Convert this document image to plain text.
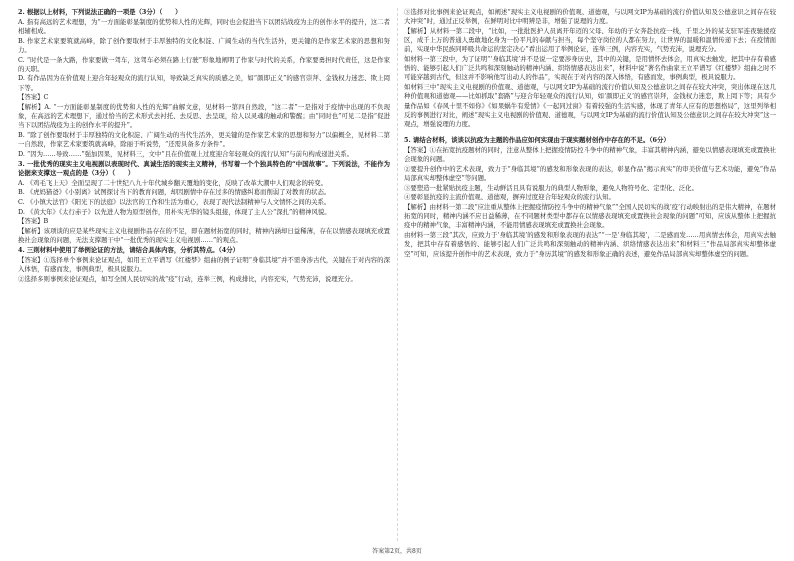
2. 根据以上材料，下列说法正确的一项是（3分）（　　）

A. 指有高远的艺术理想，为“一方面能彰显制度的优势和人性的光辉，同时也会促进当下以团结战疫为主的创作水平的提升，这二者相辅相成。

B. 作家艺术家要筑就高峰，除了创作要取材于丰厚独特的文化积淀、广阔生动的当代生活外，更关键的是作家艺术家的思想和努力。

C. “时代是一条大路，作家要做一驾车，这驾车必须在路上行驶”形象地阐明了作家与时代的关系，作家要勇担时代责任，这是作家的天职。

D. 有作品因为在价值观上迎合年轻观众的流行认知，导致缺乏真实的质感之美，如“颜即正义”的感官崇拜、金钱权力迷恋、欺上罔下等。

【答案】C

【解析】A. “一方面能彰显制度的优势和人性的光辉”曲解文意，见材料一第四自然段，“这二者”一是指对于疫情中出现的不负现象，在高远的艺术理想下，通过恰当的艺术形式去衬托、去反思、去呈现，给人以灵魂的触动和警醒；由“同时也”可见二是指“促进当下以团结战疫为主的创作水平的提升”。

B. “除了创作要取材于丰厚独特的文化积淀、广阔生动的当代生活外，更关键的是作家艺术家的思想和努力”以偏概全，见材料二第一自然段，作家艺术家要筑就高峰，除丽于听说势，“还需具备多方条件”。

D. “因为……导致……”强加因果，见材料三，文中“且在价值观上过度迎合年轻观众的流行认知”与前句构成递进关系。

3. 一批优秀的现实主义电视剧以表现时代、真诚生活的现实主义精神，书写着一个个独具特色的“中国故事”。下列说法，不能作为论据来支撑这一观点的是（3分）（　　）

A. 《鸡毛飞上天》全面呈现了二十世纪八九十年代城乡翻天覆地的变化，反映了改革大潮中人们观念的转变。

B. 《虎妈猫爸》《小别离》试图探讨当下的教育问题，却因剧情中存在过多的情感纠葛而削弱了对教育的状态。

C. 《小镇大法官》《阳光下的法庭》以法官的工作和生活为重心，表现了现代法制精神与人文情怀之间的关系。

D. 《黄大年》《太行赤子》以先进人物为原型创作，用朴实无华的镜头组接，体现了主人公“深扎”的精神风貌。

【答案】B

【解析】该项谈的应是某些现实主义电视剧作品存在的不足，即在题材拓宽的同时，精神内涵却日益稀薄，存在以情感表现填充或置换社会现象的问题，无法支撑题干中“一批优秀的现实主义电视剧……”的观点。

4. 三则材料中使用了举例论证的方法，请结合具体内容，分析其特点。（4分）

【答案】①选择单个事例来论证观点，如用王立平谱写《红楼梦》组曲的例子证明“身临其境”并不需身涉古代，关键在于对内容的深入体悟，有感而发，事例典型，极具说服力。

②选择多则事例来论证观点，如写全国人民切实的战“疫”行动，连举三例，构成排比，内容充实，气势充沛，说理充分。

③选择对比事例来论证观点，如阐述“现实主义电视剧的价值观、道德观，与以网文IP为基础的流行价值认知及公德意识之间存在较大冲突”时，通过正反举例，在鲜明对比中明辨是非，增强了说理的力度。

【解析】从材料一第二段中，“比如，一批批医护人员离开年迈的父母、年幼的子女奔赴抗疫一线，千里之外的某支驻军连夜驰援疫区，成千上万的普通人勇敢地化身为一份平凡的奉献与担当，每个坚守岗位的人都在努力，让世界的温暖和温情传递下去；在疫情面前，实现中华民族同呼吸共命运的坚定决心”看出运用了举例论证，连举三例，内容充实，气势充沛，说理充分。

如材料一第三段中，为了证明“‘身临其境’并不是说一定要涉身历史，其中的关键，是用情怀去体会，用真实去触发，把其中存有着感悟的、能够引起人们广泛共鸣和深刻触动的精神内涵、织络情感表达出来”，材料中说“著名作曲家王立平谱写《红楼梦》组曲之时不可能穿越到古代，但这并不影响他写出动人的作品”，实现在于对内容的深入体悟，有感而发，事例典型，极具说服力。

如材料三中“现实主义电视剧的价值观、道德观，与以网文IP为基础的流行价值认知及公德意识之间存在较大冲突，突出体现在这几种价值观和道德观——比如抓取“套路”与迎合年轻观众的流行认知，如‘颜即正义’的感官崇拜，金钱权力迷恋，欺上罔下等；具有少量作品如《春风十里不如你》《如果蜗牛有爱情》《一起同过窗》有着较强的生活实感，体现了青年人应有的思想格局”，这里列举相反的事例进行对比，阐述“现实主义电视剧的价值观、道德观，与以网文IP为基础的流行价值认知及公德意识之间存在较大冲突”这一观点，增强说理的力度。

5. 请结合材料，谈谈以抗疫为主题的作品应如何实现由于现实题材创作中存在的不足。（6分）

【答案】①在拓宽抗疫题材的同时，注意从整体上把握疫情防控斗争中的精神气象，丰富其精神内涵，避免以情感表现填充或置换社会现象的问题。

②要提升创作中的艺术表现，致力于“身临其境”的感发和形象表现的表达，彰显作品“揭示真实”的审美价值与艺术功能，避免“作品局部真实却整体虚空”等问题。

③要塑造一批紧贴抗疫主题，生动鲜活且具有说服力的典型人物形象，避免人物符号化、定型化、泛化。

④要彰显抗疫的主流价值观、道德观，摒弃过度迎合年轻观众的流行认知。

【解析】由材料一第二段“应注重从整体上把握疫情防控斗争中的精神气象”“全国人民切实的战‘疫’行动映射出的是伟大精神，在题材拓宽的同时，精神内涵不应日益稀薄，在不同题材类型中都存在以情感表现填充或置换社会现象的问题”可知，应该从整体上把握抗疫中的精神气象，丰富精神内涵，不能用情感表现填充或置换社会现象。

由材料一第三段“其次，应致力于‘身临其境’的感发和形象表现的表达”“一是‘身临其境’，二是感而发……用真情去体会，用真实去触发，把其中存有着感悟的、能够引起人们广泛共鸣和深刻触动的精神内涵、织络情感表达出来”和材料三“作品局部真实却整体虚空”可知，应该提升创作中的艺术表现，致力于“身历其境”的感发和形象正确的表述，避免作品局部真实却整体虚空的问题。

答案第2页，共8页
